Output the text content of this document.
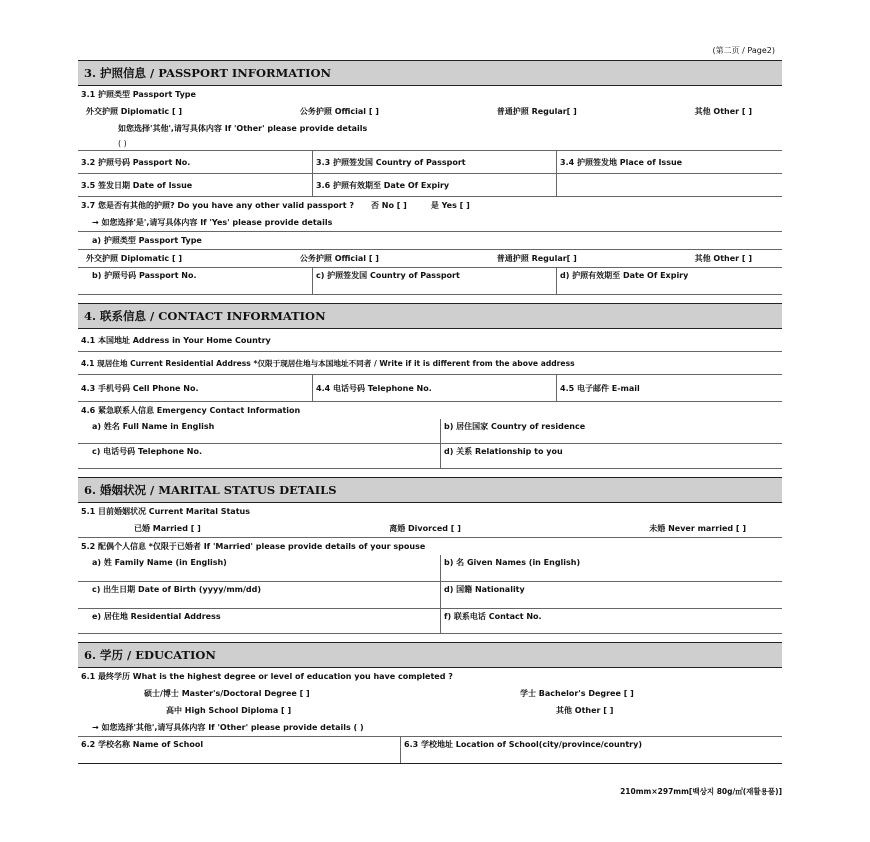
(第二页 / Page2)
3. 护照信息 / PASSPORT INFORMATION
3.1 护照类型 Passport Type
外交护照 Diplomatic [ ]	公务护照 Official [ ]	普通护照 Regular[ ]	其他 Other [ ]
如您选择'其他',请写具体内容 If 'Other' please provide details
( )
3.2 护照号码 Passport No.	3.3 护照签发国 Country of Passport	3.4 护照签发地 Place of Issue
3.5 签发日期 Date of Issue	3.6 护照有效期至 Date Of Expiry
3.7 您是否有其他的护照? Do you have any other valid passport ?	否 No [ ]	是 Yes [ ]
→ 如您选择'是',请写具体内容 If 'Yes' please provide details
a) 护照类型 Passport Type
外交护照 Diplomatic [ ]	公务护照 Official [ ]	普通护照 Regular[ ]	其他 Other [ ]
b) 护照号码 Passport No.	c) 护照签发国 Country of Passport	d) 护照有效期至 Date Of Expiry
4. 联系信息 / CONTACT INFORMATION
4.1 本国地址 Address in Your Home Country
4.1 现居住地 Current Residential Address *仅限于现居住地与本国地址不同者 / Write if it is different from the above address
4.3 手机号码 Cell Phone No.	4.4 电话号码 Telephone No.	4.5 电子邮件 E-mail
4.6 紧急联系人信息 Emergency Contact Information
a) 姓名 Full Name in English	b) 居住国家 Country of residence
c) 电话号码 Telephone No.	d) 关系 Relationship to you
6. 婚姻状况 / MARITAL STATUS DETAILS
5.1 目前婚姻状况 Current Marital Status
已婚 Married [ ]	离婚 Divorced [ ]	未婚 Never married [ ]
5.2 配偶个人信息 *仅限于已婚者 If 'Married' please provide details of your spouse
a) 姓 Family Name (in English)	b) 名 Given Names (in English)
c) 出生日期 Date of Birth (yyyy/mm/dd)	d) 国籍 Nationality
e) 居住地 Residential Address	f) 联系电话 Contact No.
6. 学历 / EDUCATION
6.1 最终学历 What is the highest degree or level of education you have completed ?
硕士/博士 Master's/Doctoral Degree [ ]	学士 Bachelor's Degree [ ]
高中 High School Diploma [ ]	其他 Other [ ]
→ 如您选择'其他',请写具体内容 If 'Other' please provide details ( )
6.2 学校名称 Name of School	6.3 学校地址 Location of School(city/province/country)
210mm×297mm[백상지 80g/㎡(재활용품)]
